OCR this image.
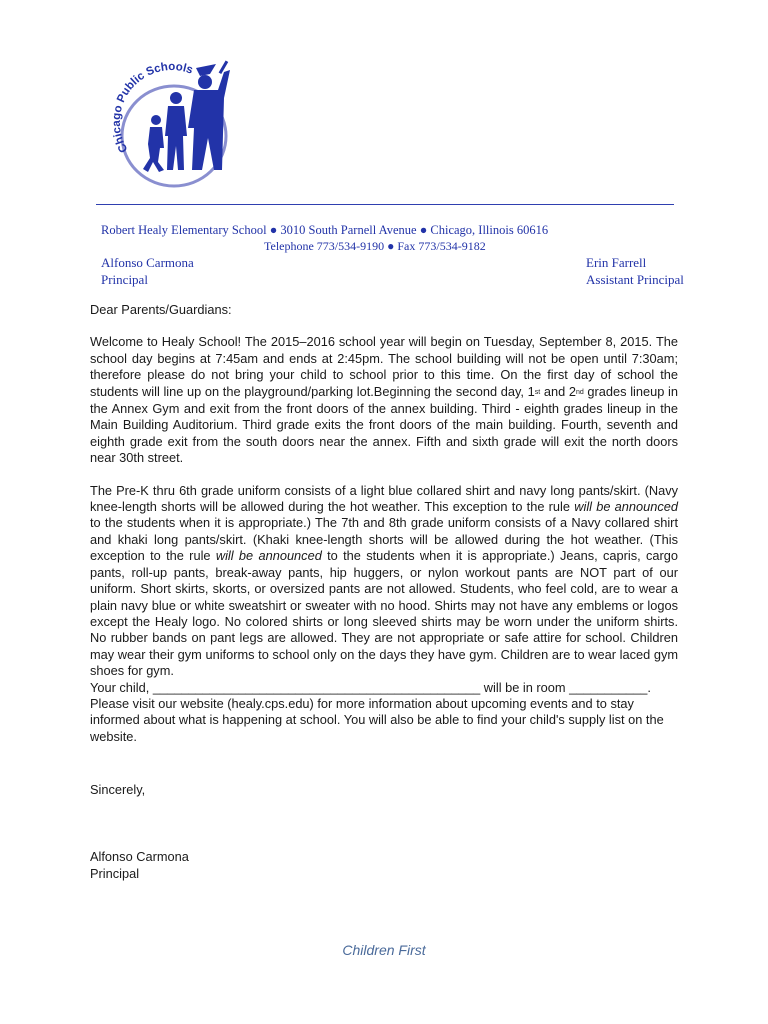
Chicago Public Schools
Robert Healy Elementary School ● 3010 South Parnell Avenue ● Chicago, Illinois 60616
Telephone 773/534-9190 ● Fax 773/534-9182
Alfonso Carmona
Principal
Erin Farrell
Assistant Principal

Dear Parents/Guardians:

Welcome to Healy School! The 2015–2016 school year will begin on Tuesday, September 8, 2015. The school day begins at 7:45am and ends at 2:45pm. The school building will not be open until 7:30am; therefore please do not bring your child to school prior to this time. On the first day of school the students will line up on the playground/parking lot.Beginning the second day, 1st and 2nd grades lineup in the Annex Gym and exit from the front doors of the annex building. Third - eighth grades lineup in the Main Building Auditorium. Third grade exits the front doors of the main building. Fourth, seventh and eighth grade exit from the south doors near the annex. Fifth and sixth grade will exit the north doors near 30th street.

The Pre-K thru 6th grade uniform consists of a light blue collared shirt and navy long pants/skirt. (Navy knee-length shorts will be allowed during the hot weather. This exception to the rule will be announced to the students when it is appropriate.) The 7th and 8th grade uniform consists of a Navy collared shirt and khaki long pants/skirt. (Khaki knee-length shorts will be allowed during the hot weather. (This exception to the rule will be announced to the students when it is appropriate.) Jeans, capris, cargo pants, roll-up pants, break-away pants, hip huggers, or nylon workout pants are NOT part of our uniform. Short skirts, skorts, or oversized pants are not allowed. Students, who feel cold, are to wear a plain navy blue or white sweatshirt or sweater with no hood. Shirts may not have any emblems or logos except the Healy logo. No colored shirts or long sleeved shirts may be worn under the uniform shirts. No rubber bands on pant legs are allowed. They are not appropriate or safe attire for school. Children may wear their gym uniforms to school only on the days they have gym. Children are to wear laced gym shoes for gym.

Your child, ______________________________________________ will be in room ___________.

Please visit our website (healy.cps.edu) for more information about upcoming events and to stay informed about what is happening at school. You will also be able to find your child's supply list on the website.

Sincerely,
Alfonso Carmona
Principal
Children First
